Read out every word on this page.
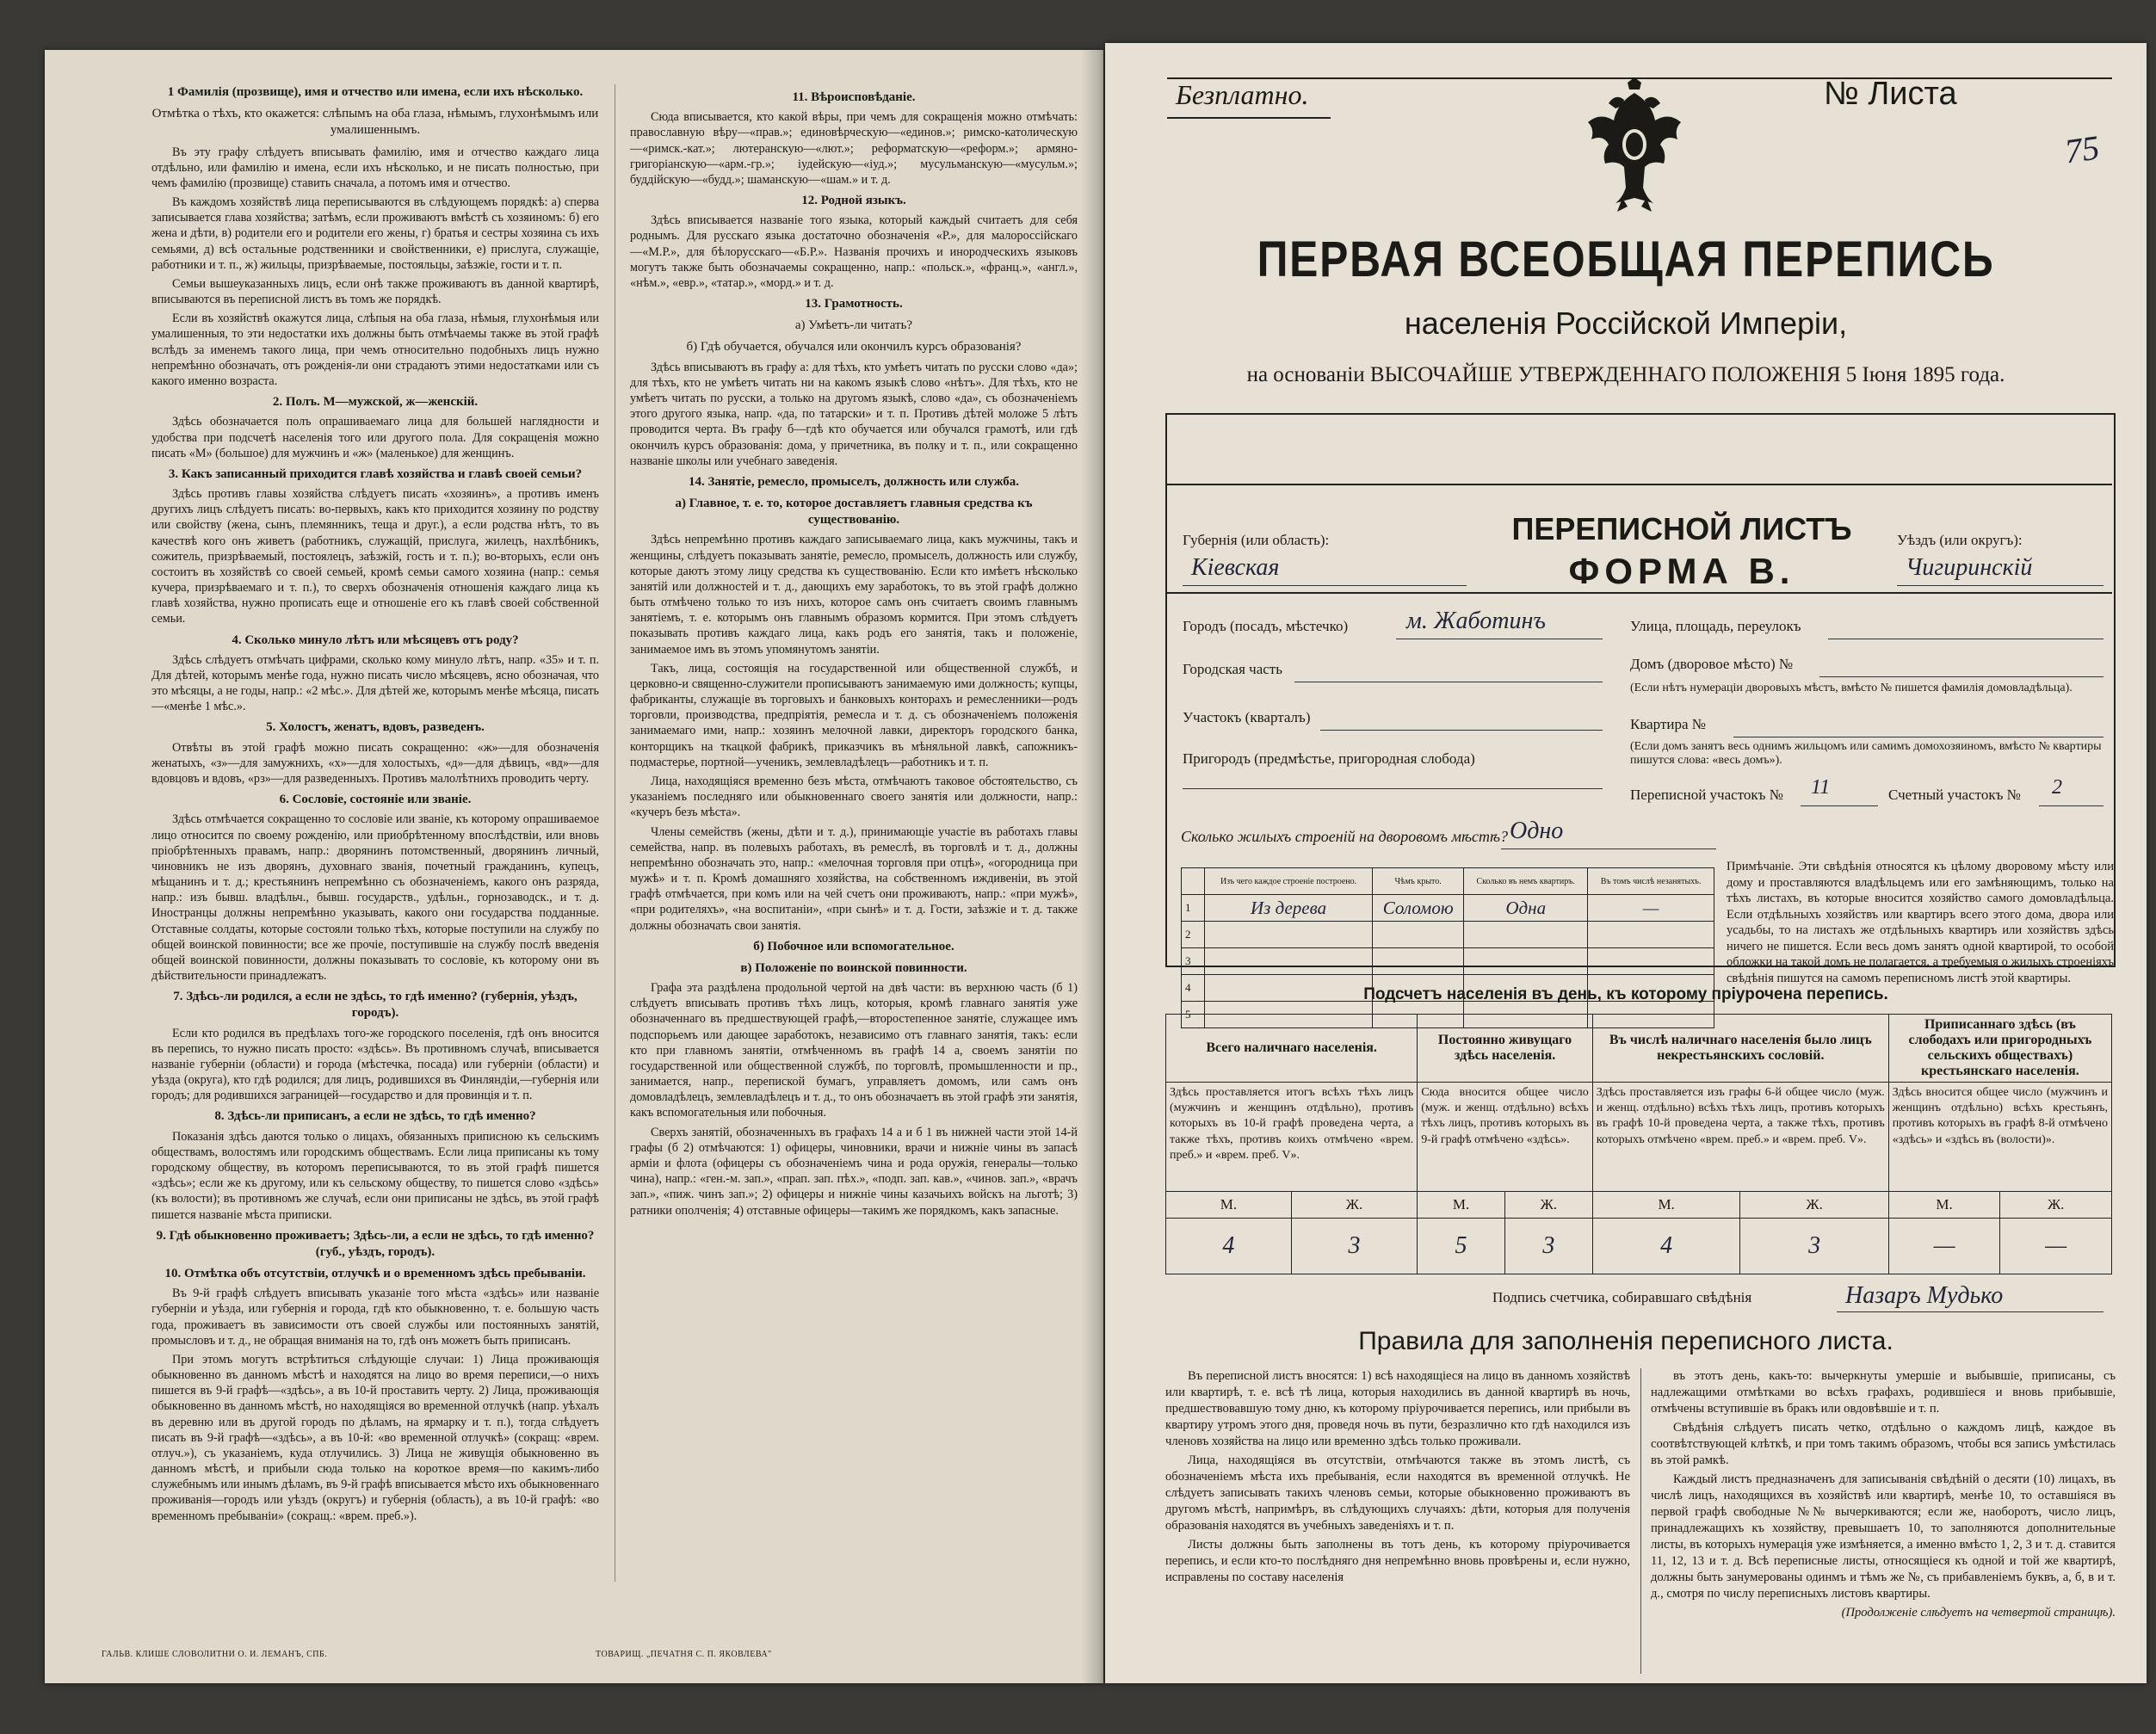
1 Фамилія (прозвище), имя и отчество или имена, если ихъ нѣсколько.

Отмѣтка о тѣхъ, кто окажется: слѣпымъ на оба глаза, нѣмымъ, глухонѣмымъ или умалишеннымъ.

Въ эту графу слѣдуетъ вписывать фамилію, имя и отчество каждаго лица отдѣльно, или фамилію и имена, если ихъ нѣсколько, и не писать полностью, при чемъ фамилію (прозвище) ставить сначала, а потомъ имя и отчество.

Въ каждомъ хозяйствѣ лица переписываются въ слѣдующемъ порядкѣ: а) сперва записывается глава хозяйства; затѣмъ, если проживаютъ вмѣстѣ съ хозяиномъ: б) его жена и дѣти, в) родители его и родители его жены, г) братья и сестры хозяина съ ихъ семьями, д) всѣ остальные родственники и свойственники, е) прислуга, служащіе, работники и т. п., ж) жильцы, призрѣваемые, постояльцы, заѣзжіе, гости и т. п.

Семьи вышеуказанныхъ лицъ, если онѣ также проживаютъ въ данной квартирѣ, вписываются въ переписной листъ въ томъ же порядкѣ.

Если въ хозяйствѣ окажутся лица, слѣпыя на оба глаза, нѣмыя, глухонѣмыя или умалишенныя, то эти недостатки ихъ должны быть отмѣчаемы также въ этой графѣ вслѣдъ за именемъ такого лица, при чемъ относительно подобныхъ лицъ нужно непремѣнно обозначать, отъ рожденія-ли они страдаютъ этими недостатками или съ какого именно возраста.

2. Полъ. М—мужской, ж—женскій.

Здѣсь обозначается полъ опрашиваемаго лица для большей наглядности и удобства при подсчетѣ населенія того или другого пола. Для сокращенія можно писать «М» (большое) для мужчинъ и «ж» (маленькое) для женщинъ.

3. Какъ записанный приходится главѣ хозяйства и главѣ своей семьи?

Здѣсь противъ главы хозяйства слѣдуетъ писать «хозяинъ», а противъ именъ другихъ лицъ слѣдуетъ писать: во-первыхъ, какъ кто приходится хозяину по родству или свойству (жена, сынъ, племянникъ, теща и друг.), а если родства нѣтъ, то въ качествѣ кого онъ живетъ (работникъ, служащій, прислуга, жилецъ, нахлѣбникъ, сожитель, призрѣваемый, постоялецъ, заѣзжій, гость и т. п.); во-вторыхъ, если онъ состоитъ въ хозяйствѣ со своей семьей, кромѣ семьи самого хозяина (напр.: семья кучера, призрѣваемаго и т. п.), то сверхъ обозначенія отношенія каждаго лица къ главѣ хозяйства, нужно прописать еще и отношеніе его къ главѣ своей собственной семьи.

4. Сколько минуло лѣтъ или мѣсяцевъ отъ роду?

Здѣсь слѣдуетъ отмѣчать цифрами, сколько кому минуло лѣтъ, напр. «35» и т. п. Для дѣтей, которымъ менѣе года, нужно писать число мѣсяцевъ, ясно обозначая, что это мѣсяцы, а не годы, напр.: «2 мѣс.». Для дѣтей же, которымъ менѣе мѣсяца, писать—«менѣе 1 мѣс.».

5. Холостъ, женатъ, вдовъ, разведенъ.

Отвѣты въ этой графѣ можно писать сокращенно: «ж»—для обозначенія женатыхъ, «з»—для замужнихъ, «х»—для холостыхъ, «д»—для дѣвицъ, «вд»—для вдовцовъ и вдовъ, «рз»—для разведенныхъ. Противъ малолѣтнихъ проводить черту.

6. Сословіе, состояніе или званіе.

Здѣсь отмѣчается сокращенно то сословіе или званіе, къ которому опрашиваемое лицо относится по своему рожденію, или приобрѣтенному впослѣдствіи, или вновь пріобрѣтенныхъ правамъ, напр.: дворянинъ потомственный, дворянинъ личный, чиновникъ не изъ дворянъ, духовнаго званія, почетный гражданинъ, купецъ, мѣщанинъ и т. д.; крестьянинъ непремѣнно съ обозначеніемъ, какого онъ разряда, напр.: изъ бывш. владѣльч., бывш. государств., удѣльн., горнозаводск., и т. д. Иностранцы должны непремѣнно указывать, какого они государства подданные. Отставные солдаты, которые состояли только тѣхъ, которые поступили на службу по общей воинской повинности; все же прочіе, поступившіе на службу послѣ введенія общей воинской повинности, должны показывать то сословіе, къ которому они въ дѣйствительности принадлежатъ.

7. Здѣсь-ли родился, а если не здѣсь, то гдѣ именно? (губернія, уѣздъ, городъ).

Если кто родился въ предѣлахъ того-же городского поселенія, гдѣ онъ вносится въ перепись, то нужно писать просто: «здѣсь». Въ противномъ случаѣ, вписывается названіе губерніи (области) и города (мѣстечка, посада) или губерніи (области) и уѣзда (округа), кто гдѣ родился; для лицъ, родившихся въ Финляндіи,—губернія или городъ; для родившихся заграницей—государство и для провинція и т. п.

8. Здѣсь-ли приписанъ, а если не здѣсь, то гдѣ именно?

Показанія здѣсь даются только о лицахъ, обязанныхъ приписною къ сельскимъ обществамъ, волостямъ или городскимъ обществамъ. Если лица приписаны къ тому городскому обществу, въ которомъ переписываются, то въ этой графѣ пишется «здѣсь»; если же къ другому, или къ сельскому обществу, то пишется слово «здѣсь» (къ волости); въ противномъ же случаѣ, если они приписаны не здѣсь, въ этой графѣ пишется названіе мѣста приписки.

9. Гдѣ обыкновенно проживаетъ; Здѣсь-ли, а если не здѣсь, то гдѣ именно? (губ., уѣздъ, городъ).
10. Отмѣтка объ отсутствіи, отлучкѣ и о временномъ здѣсь пребываніи.

Въ 9-й графѣ слѣдуетъ вписывать указаніе того мѣста «здѣсь» или названіе губерніи и уѣзда, или губернія и города, гдѣ кто обыкновенно, т. е. большую часть года, проживаетъ въ зависимости отъ своей службы или постоянныхъ занятій, промысловъ и т. д., не обращая вниманія на то, гдѣ онъ можетъ быть приписанъ.

При этомъ могутъ встрѣтиться слѣдующіе случаи: 1) Лица проживающія обыкновенно въ данномъ мѣстѣ и находятся на лицо во время переписи,—о нихъ пишется въ 9-й графѣ—«здѣсь», а въ 10-й проставить черту. 2) Лица, проживающія обыкновенно въ данномъ мѣстѣ, но находящіяся во временной отлучкѣ (напр. уѣхалъ въ деревню или въ другой городъ по дѣламъ, на ярмарку и т. п.), тогда слѣдуетъ писать въ 9-й графѣ—«здѣсь», а въ 10-й: «во временной отлучкѣ» (сокращ: «врем. отлуч.»), съ указаніемъ, куда отлучились. 3) Лица не живущія обыкновенно въ данномъ мѣстѣ, и прибыли сюда только на короткое время—по какимъ-либо служебнымъ или инымъ дѣламъ, въ 9-й графѣ вписывается мѣсто ихъ обыкновеннаго проживанія—городъ или уѣздъ (округъ) и губернія (область), а въ 10-й графѣ: «во временномъ пребываніи» (сокращ.: «врем. преб.»).

11. Вѣроисповѣданіе.

Сюда вписывается, кто какой вѣры, при чемъ для сокращенія можно отмѣчать: православную вѣру—«прав.»; единовѣрческую—«единов.»; римско-католическую—«римск.-кат.»; лютеранскую—«лют.»; реформатскую—«реформ.»; армяно-григоріанскую—«арм.-гр.»; іудейскую—«іуд.»; мусульманскую—«мусульм.»; буддійскую—«будд.»; шаманскую—«шам.» и т. д.

12. Родной языкъ.

Здѣсь вписывается названіе того языка, который каждый считаетъ для себя роднымъ. Для русскаго языка достаточно обозначенія «Р.», для малороссійскаго—«М.Р.», для бѣлорусскаго—«Б.Р.». Названія прочихъ и инородческихъ языковъ могутъ также быть обозначаемы сокращенно, напр.: «польск.», «франц.», «англ.», «нѣм.», «евр.», «татар.», «морд.» и т. д.

13. Грамотность.
а) Умѣетъ-ли читать?
б) Гдѣ обучается, обучался или окончилъ курсъ образованія?

Здѣсь вписываютъ въ графу а: для тѣхъ, кто умѣетъ читать по русски слово «да»; для тѣхъ, кто не умѣетъ читать ни на какомъ языкѣ слово «нѣтъ». Для тѣхъ, кто не умѣетъ читать по русски, а только на другомъ языкѣ, слово «да», съ обозначеніемъ этого другого языка, напр. «да, по татарски» и т. п. Противъ дѣтей моложе 5 лѣтъ проводится черта. Въ графу б—гдѣ кто обучается или обучался грамотѣ, или гдѣ окончилъ курсъ образованія: дома, у причетника, въ полку и т. п., или сокращенно названіе школы или учебнаго заведенія.

14. Занятіе, ремесло, промыселъ, должность или служба.
а) Главное, т. е. то, которое доставляетъ главныя средства къ существованію.

Здѣсь непремѣнно противъ каждаго записываемаго лица, какъ мужчины, такъ и женщины, слѣдуетъ показывать занятіе, ремесло, промыселъ, должность или службу, которые даютъ этому лицу средства къ существованію. Если кто имѣетъ нѣсколько занятій или должностей и т. д., дающихъ ему заработокъ, то въ этой графѣ должно быть отмѣчено только то изъ нихъ, которое самъ онъ считаетъ своимъ главнымъ занятіемъ, т. е. которымъ онъ главнымъ образомъ кормится. При этомъ слѣдуетъ показывать противъ каждаго лица, какъ родъ его занятія, такъ и положеніе, занимаемое имъ въ этомъ упомянутомъ занятіи.

Такъ, лица, состоящія на государственной или общественной службѣ, и церковно-и священно-служители прописываютъ занимаемую ими должность; купцы, фабриканты, служащіе въ торговыхъ и банковыхъ конторахъ и ремесленники—родъ торговли, производства, предпріятія, ремесла и т. д. съ обозначеніемъ положенія занимаемаго ими, напр.: хозяинъ мелочной лавки, директоръ городского банка, конторщикъ на ткацкой фабрикѣ, приказчикъ въ мѣняльной лавкѣ, сапожникъ-подмастерье, портной—ученикъ, землевладѣлецъ—работникъ и т. п.

Лица, находящіяся временно безъ мѣста, отмѣчаютъ таковое обстоятельство, съ указаніемъ последняго или обыкновеннаго своего занятія или должности, напр.: «кучеръ безъ мѣста».

Члены семействъ (жены, дѣти и т. д.), принимающіе участіе въ работахъ главы семейства, напр. въ полевыхъ работахъ, въ ремеслѣ, въ торговлѣ и т. д., должны непремѣнно обозначать это, напр.: «мелочная торговля при отцѣ», «огородница при мужѣ» и т. п. Кромѣ домашняго хозяйства, на собственномъ иждивеніи, въ этой графѣ отмѣчается, при комъ или на чей счетъ они проживаютъ, напр.: «при мужѣ», «при родителяхъ», «на воспитаніи», «при сынѣ» и т. д. Гости, заѣзжіе и т. д. также должны обозначать свои занятія.

б) Побочное или вспомогательное.
в) Положеніе по воинской повинности.

Графа эта раздѣлена продольной чертой на двѣ части: въ верхнюю часть (б 1) слѣдуетъ вписывать противъ тѣхъ лицъ, которыя, кромѣ главнаго занятія уже обозначеннаго въ предшествующей графѣ,—второстепенное занятіе, служащее имъ подспорьемъ или дающее заработокъ, независимо отъ главнаго занятія, такъ: если кто при главномъ занятіи, отмѣченномъ въ графѣ 14 а, своемъ занятіи по государственной или общественной службѣ, по торговлѣ, промышленности и пр., занимается, напр., перепиской бумагъ, управляетъ домомъ, или самъ онъ домовладѣлецъ, землевладѣлецъ и т. д., то онъ обозначаетъ въ этой графѣ эти занятія, какъ вспомогательныя или побочныя.

Сверхъ занятій, обозначенныхъ въ графахъ 14 а и б 1 въ нижней части этой 14-й графы (б 2) отмѣчаются: 1) офицеры, чиновники, врачи и нижніе чины въ запасѣ арміи и флота (офицеры съ обозначеніемъ чина и рода оружія, генералы—только чина), напр.: «ген.-м. зап.», «прап. зап. пѣх.», «подп. зап. кав.», «чинов. зап.», «врачъ зап.», «пиж. чинъ зап.»; 2) офицеры и нижніе чины казачьихъ войскъ на льготѣ; 3) ратники ополченія; 4) отставные офицеры—такимъ же порядкомъ, какъ запасные.

ГАЛЬВ. КЛИШЕ СЛОВОЛИТНИ О. И. ЛЕМАНЪ, СПБ.	ТОВАРИЩ. „ПЕЧАТНЯ С. П. ЯКОВЛЕВА"
Безплатно.	№ Листа
75
ПЕРВАЯ ВСЕОБЩАЯ ПЕРЕПИСЬ
населенія Россійской Имперіи,
на основаніи ВЫСОЧАЙШЕ УТВЕРЖДЕННАГО ПОЛОЖЕНІЯ 5 Іюня 1895 года.
ПЕРЕПИСНОЙ ЛИСТЪ
ФОРМА В.
Губернія (или область):
Кіевская
Уѣздъ (или округъ):
Чигиринскій
Городъ (посадъ, мѣстечко) м. Жаботинъ	Улица, площадь, переулокъ
Городская часть	Домъ (дворовое мѣсто) №
(Если нѣтъ нумераціи дворовыхъ мѣстъ, вмѣсто № пишется фамилія домовладѣльца).
Участокъ (кварталъ)	Квартира №
(Если домъ занятъ весь однимъ жильцомъ или самимъ домохозяиномъ, вмѣсто № квартиры пишутся слова: «весь домъ»).
Пригородъ (предмѣстье, пригородная слобода)
Переписной участокъ № 11	Счетный участокъ № 2
Сколько жилыхъ строеній на дворовомъ мѣстѣ? Одно
	Изъ чего каждое строеніе построено.	Чѣмъ крыто.	Сколько въ немъ квартиръ.	Въ томъ числѣ незанятыхъ.
1	Из дерева	Соломою	Одна	—
2				
3				
4				
5				
Примѣчаніе. Эти свѣдѣнія относятся къ цѣлому дворовому мѣсту или дому и проставляются владѣльцемъ или его замѣняющимъ, только на тѣхъ листахъ, въ которые вносится хозяйство самого домовладѣльца. Если отдѣльныхъ хозяйствъ или квартиръ всего этого дома, двора или усадьбы, то на листахъ же отдѣльныхъ квартиръ или хозяйствъ здѣсь ничего не пишется. Если весь домъ занятъ одной квартирой, то особой обложки на такой домъ не полагается, а требуемыя о жилыхъ строеніяхъ свѣдѣнія пишутся на самомъ переписномъ листѣ этой квартиры.
Подсчетъ населенія въ день, къ которому пріурочена перепись.
Всего наличнаго населенія.		Постоянно живущаго здѣсь населенія.		Въ числѣ наличнаго населенія было лицъ некрестьянскихъ сословій.		Приписаннаго здѣсь (въ слободахъ или пригородныхъ сельскихъ обществахъ) крестьянскаго населенія.	
Здѣсь проставляется итогъ всѣхъ тѣхъ лицъ (мужчинъ и женщинъ отдѣльно), противъ которыхъ въ 10-й графѣ проведена черта, а также тѣхъ, противъ коихъ отмѣчено «врем. преб.» и «врем. преб. V».		Сюда вносится общее число (муж. и женщ. отдѣльно) всѣхъ тѣхъ лицъ, противъ которыхъ въ 9-й графѣ отмѣчено «здѣсь».		Здѣсь проставляется изъ графы 6-й общее число (муж. и женщ. отдѣльно) всѣхъ тѣхъ лицъ, противъ которыхъ въ графѣ 10-й проведена черта, а также тѣхъ, противъ которыхъ отмѣчено «врем. преб.» и «врем. преб. V».		Здѣсь вносится общее число (мужчинъ и женщинъ отдѣльно) всѣхъ крестьянъ, противъ которыхъ въ графѣ 8-й отмѣчено «здѣсь» и «здѣсь въ (волости)».	
М.	Ж.	М.	Ж.	М.	Ж.	М.	Ж.
4	3	5	3	4	3	—	—
Подпись счетчика, собиравшаго свѣдѣнія	Назаръ Мудько
Правила для заполненія переписного листа.

Въ переписной листъ вносятся: 1) всѣ находящіеся на лицо въ данномъ хозяйствѣ или квартирѣ, т. е. всѣ тѣ лица, которыя находились въ данной квартирѣ въ ночь, предшествовавшую тому дню, къ которому пріурочивается перепись, или прибыли въ квартиру утромъ этого дня, проведя ночь въ пути, безразлично кто гдѣ находился изъ членовъ хозяйства на лицо или временно здѣсь только проживали.

Лица, находящіяся въ отсутствіи, отмѣчаются также въ этомъ листѣ, съ обозначеніемъ мѣста ихъ пребыванія, если находятся въ временной отлучкѣ. Не слѣдуетъ записывать такихъ членовъ семьи, которые обыкновенно проживаютъ въ другомъ мѣстѣ, напримѣръ, въ слѣдующихъ случаяхъ: дѣти, которыя для полученія образованія находятся въ учебныхъ заведеніяхъ и т. п.

Листы должны быть заполнены въ тотъ день, къ которому пріурочивается перепись, и если кто-то послѣдняго дня непремѣнно вновь провѣрены и, если нужно, исправлены по составу населенія

въ этотъ день, какъ-то: вычеркнуты умершіе и выбывшіе, приписаны, съ надлежащими отмѣтками во всѣхъ графахъ, родившіеся и вновь прибывшіе, отмѣчены вступившіе въ бракъ или овдовѣвшіе и т. п.

Свѣдѣнія слѣдуетъ писать четко, отдѣльно о каждомъ лицѣ, каждое въ соотвѣтствующей клѣткѣ, и при томъ такимъ образомъ, чтобы вся запись умѣстилась въ этой рамкѣ.

Каждый листъ предназначенъ для записыванія свѣдѣній о десяти (10) лицахъ, въ числѣ лицъ, находящихся въ хозяйствѣ или квартирѣ, менѣе 10, то оставшіяся въ первой графѣ свободные №№ вычеркиваются; если же, наоборотъ, число лицъ, принадлежащихъ къ хозяйству, превышаетъ 10, то заполняются дополнительные листы, въ которыхъ нумерація уже измѣняется, а именно вмѣсто 1, 2, 3 и т. д. ставится 11, 12, 13 и т. д. Всѣ переписные листы, относящіеся къ одной и той же квартирѣ, должны быть занумерованы одинмъ и тѣмъ же №, съ прибавленіемъ буквъ, а, б, в и т. д., смотря по числу переписныхъ листовъ квартиры.

(Продолженіе слѣдуетъ на четвертой страницѣ).
